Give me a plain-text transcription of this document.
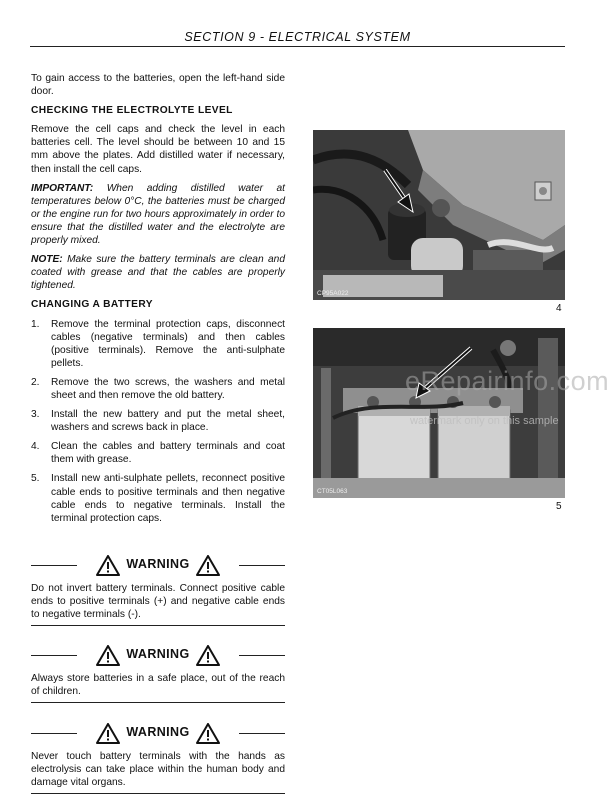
SECTION 9 - ELECTRICAL SYSTEM

To gain access to the batteries, open the left-hand side door.

CHECKING THE ELECTROLYTE LEVEL

Remove the cell caps and check the level in each batteries cell. The level should be between 10 and 15 mm above the plates. Add distilled water if necessary, then install the cell caps.

IMPORTANT: When adding distilled water at temperatures below 0°C, the batteries must be charged or the engine run for two hours approximately in order to ensure that the distilled water and the electrolyte are properly mixed.

NOTE: Make sure the battery terminals are clean and coated with grease and that the cables are properly tightened.

CHANGING A BATTERY
1. Remove the terminal protection caps, disconnect cables (negative terminals) and then cables (positive terminals). Remove the anti-sulphate pellets.
2. Remove the two screws, the washers and metal sheet and then remove the old battery.
3. Install the new battery and put the metal sheet, washers and screws back in place.
4. Clean the cables and battery terminals and coat them with grease.
5. Install new anti-sulphate pellets, reconnect positive cable ends to positive terminals and then negative cable ends to negative terminals. Install the terminal protection caps.
WARNING

Do not invert battery terminals. Connect positive cable ends to positive terminals (+) and negative cable ends to negative terminals (-).

WARNING

Always store batteries in a safe place, out of the reach of children.

WARNING

Never touch battery terminals with the hands as electrolysis can take place within the human body and damage vital organs.

CP95A022
4
CT05L063
5
eRepairinfo.com
watermark only on this sample
